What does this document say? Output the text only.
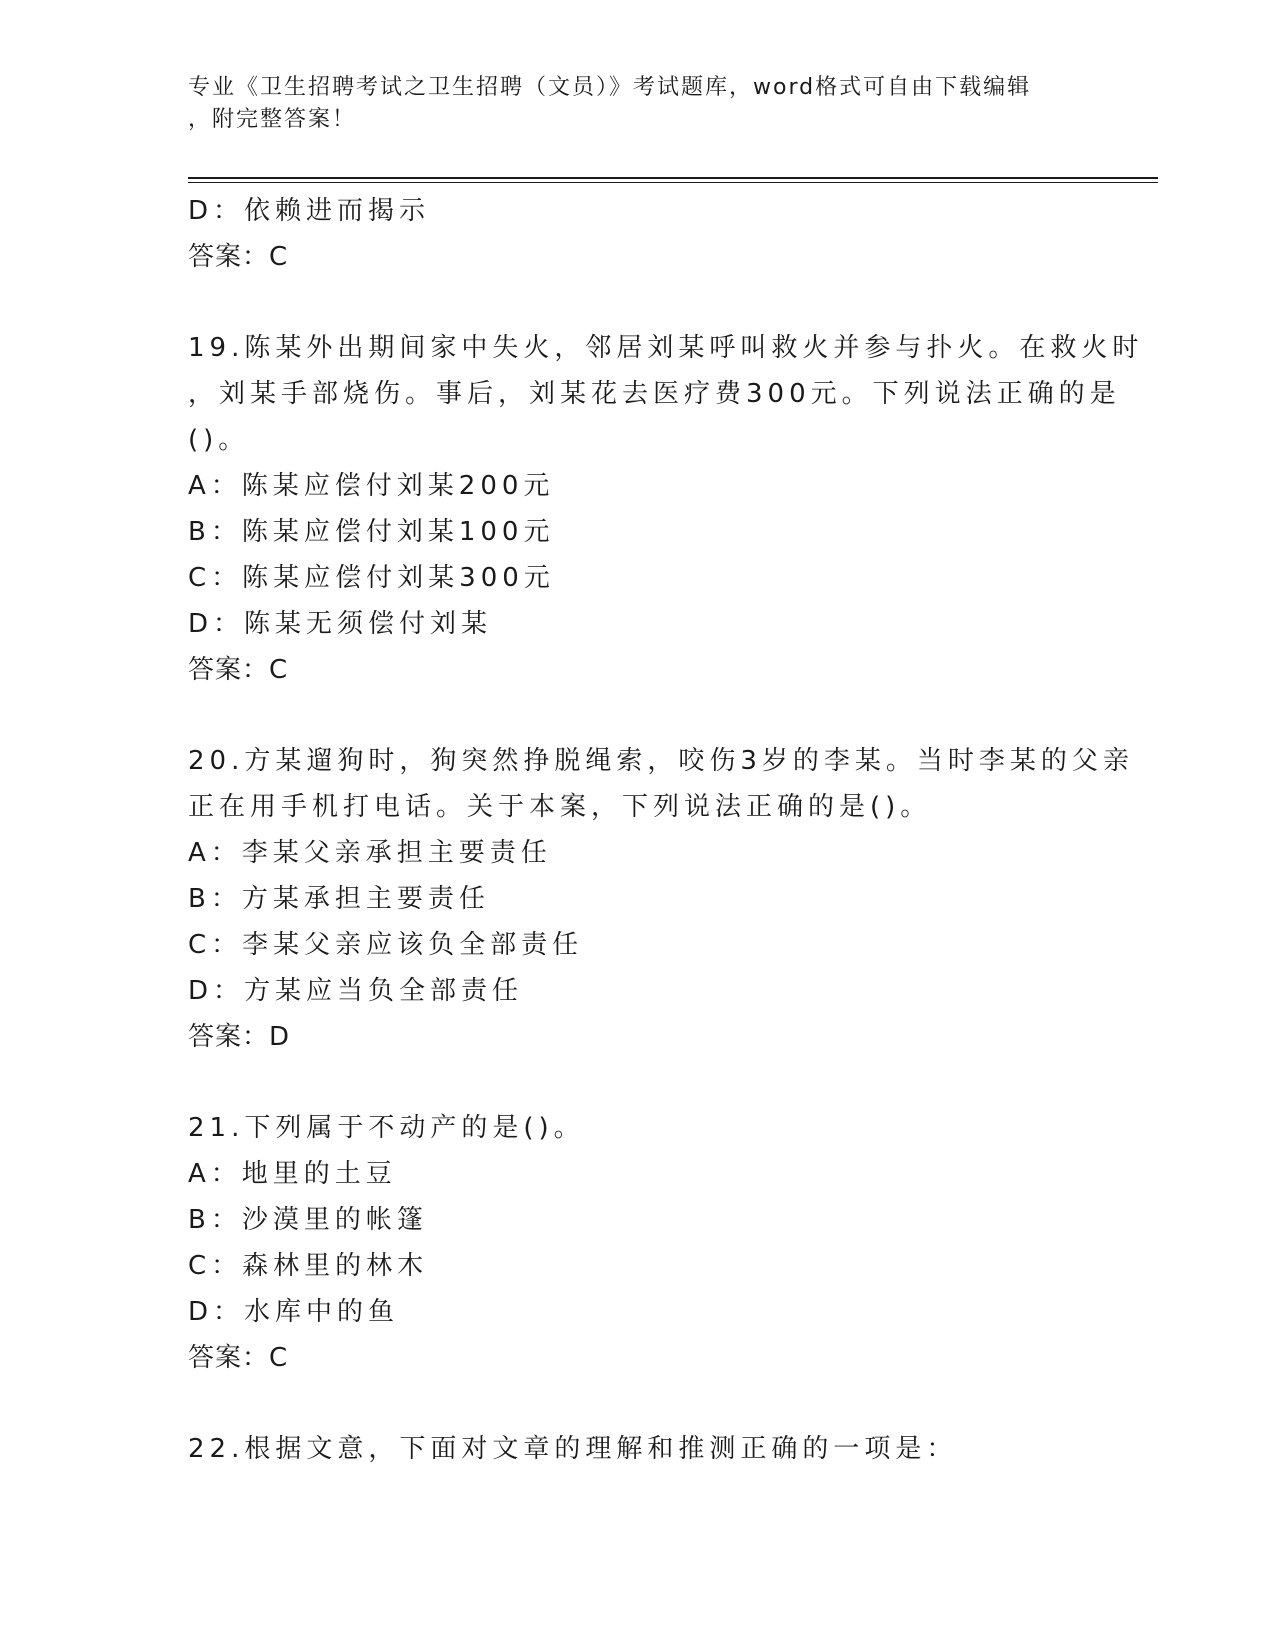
专业《卫生招聘考试之卫生招聘（文员）》考试题库，word格式可自由下载编辑
，附完整答案！
D：依赖进而揭示
答案：C
19.陈某外出期间家中失火，邻居刘某呼叫救火并参与扑火。在救火时
，刘某手部烧伤。事后，刘某花去医疗费300元。下列说法正确的是
()。
A：陈某应偿付刘某200元
B：陈某应偿付刘某100元
C：陈某应偿付刘某300元
D：陈某无须偿付刘某
答案：C
20.方某遛狗时，狗突然挣脱绳索，咬伤3岁的李某。当时李某的父亲
正在用手机打电话。关于本案，下列说法正确的是()。
A：李某父亲承担主要责任
B：方某承担主要责任
C：李某父亲应该负全部责任
D：方某应当负全部责任
答案：D
21.下列属于不动产的是()。
A：地里的土豆
B：沙漠里的帐篷
C：森林里的林木
D：水库中的鱼
答案：C
22.根据文意，下面对文章的理解和推测正确的一项是：
